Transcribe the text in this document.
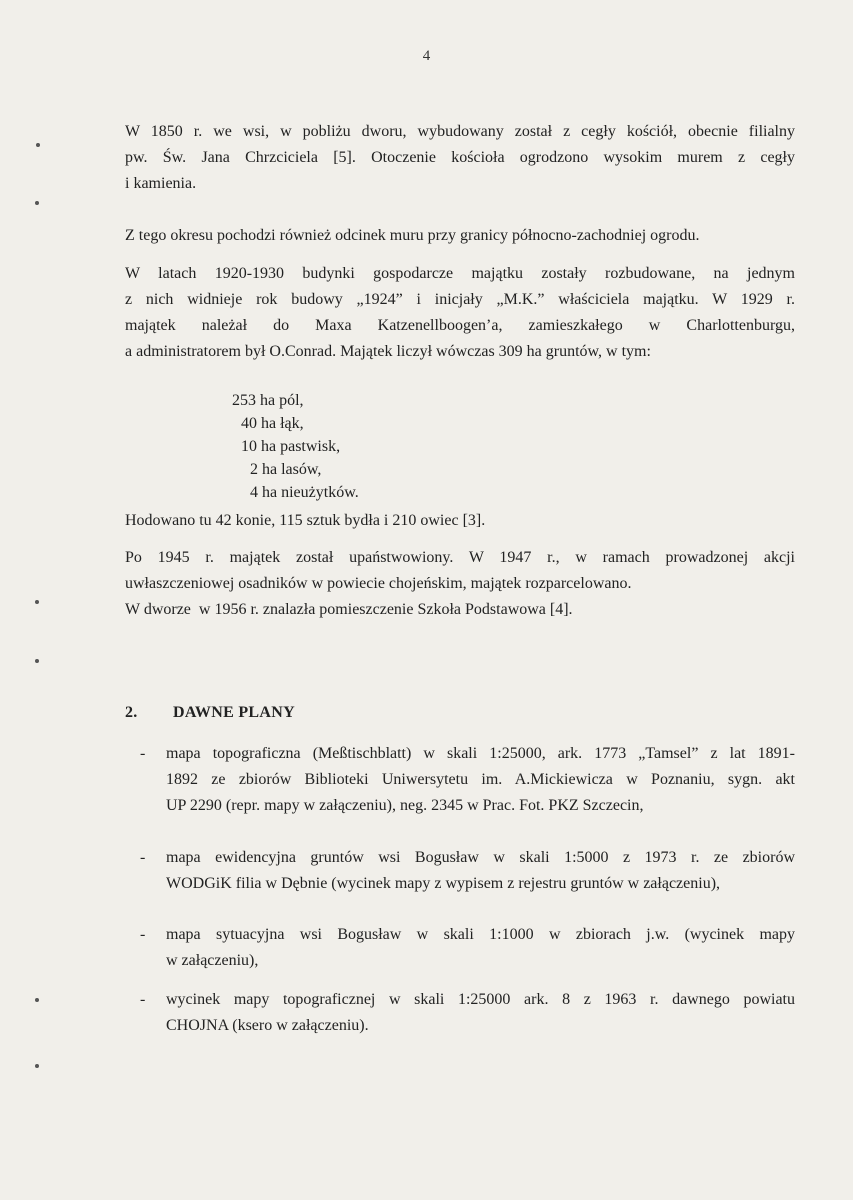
4
W 1850 r. we wsi, w pobliżu dworu, wybudowany został z cegły kościół, obecnie filialny
pw. Św. Jana Chrzciciela [5]. Otoczenie kościoła ogrodzono wysokim murem z cegły
i kamienia.
Z tego okresu pochodzi również odcinek muru przy granicy północno-zachodniej ogrodu.
W latach 1920-1930 budynki gospodarcze majątku zostały rozbudowane, na jednym
z nich widnieje rok budowy „1924” i inicjały „M.K.” właściciela majątku. W 1929 r.
majątek należał do Maxa Katzenellboogen’a, zamieszkałego w Charlottenburgu,
a administratorem był O.Conrad. Majątek liczył wówczas 309 ha gruntów, w tym:
253 ha pól,
40 ha łąk,
10 ha pastwisk,
2 ha lasów,
4 ha nieużytków.
Hodowano tu 42 konie, 115 sztuk bydła i 210 owiec [3].
Po 1945 r. majątek został upaństwowiony. W 1947 r., w ramach prowadzonej akcji
uwłaszczeniowej osadników w powiecie chojeńskim, majątek rozparcelowano.
W dworze  w 1956 r. znalazła pomieszczenie Szkoła Podstawowa [4].
2. DAWNE PLANY
- mapa topograficzna (Meßtischblatt) w skali 1:25000, ark. 1773 „Tamsel” z lat 1891-
1892 ze zbiorów Biblioteki Uniwersytetu im. A.Mickiewicza w Poznaniu, sygn. akt
UP 2290 (repr. mapy w załączeniu), neg. 2345 w Prac. Fot. PKZ Szczecin,
- mapa ewidencyjna gruntów wsi Bogusław w skali 1:5000 z 1973 r. ze zbiorów
WODGiK filia w Dębnie (wycinek mapy z wypisem z rejestru gruntów w załączeniu),
- mapa sytuacyjna wsi Bogusław w skali 1:1000 w zbiorach j.w. (wycinek mapy
w załączeniu),
- wycinek mapy topograficznej w skali 1:25000 ark. 8 z 1963 r. dawnego powiatu
CHOJNA (ksero w załączeniu).
